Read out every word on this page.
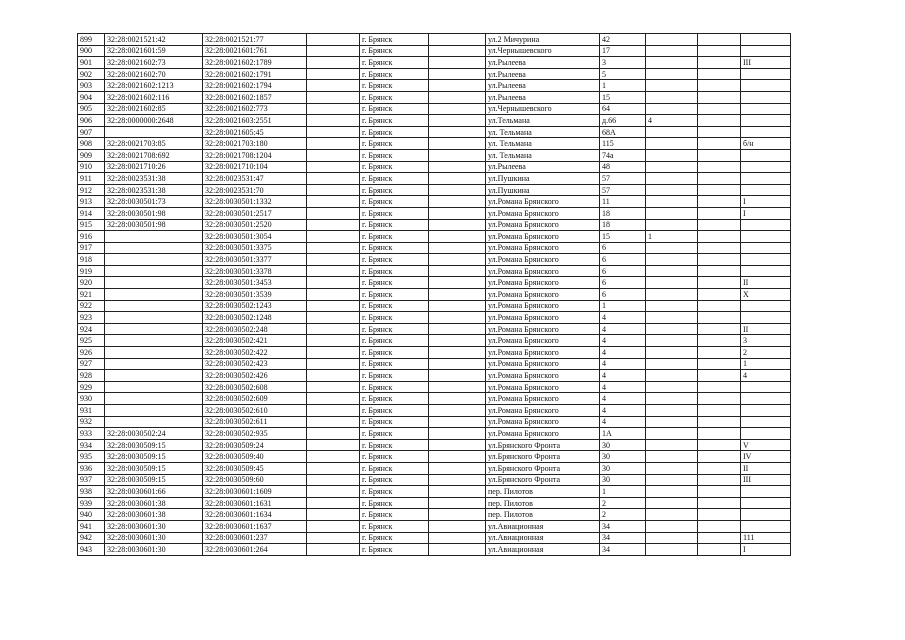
899	32:28:0021521:42	32:28:0021521:77		г. Брянск		ул.2 Мичурина	42			
900	32:28:0021601:59	32:28:0021601:761		г. Брянск		ул.Чернышевского	17			
901	32:28:0021602:73	32:28:0021602:1789		г. Брянск		ул.Рылеева	3			III
902	32:28:0021602:70	32:28:0021602:1791		г. Брянск		ул.Рылеева	5			
903	32:28:0021602:1213	32:28:0021602:1794		г. Брянск		ул.Рылеева	1			
904	32:28:0021602:116	32:28:0021602:1857		г. Брянск		ул.Рылеева	15			
905	32:28:0021602:85	32:28:0021602:773		г. Брянск		ул.Чернышевского	64			
906	32:28:0000000:2648	32:28:0021603:2551		г. Брянск		ул.Тельмана	д.66	4		
907		32:28:0021605:45		г. Брянск		ул. Тельмана	68А			
908	32:28:0021703:85	32:28:0021703:180		г. Брянск		ул. Тельмана	115			б/н
909	32:28:0021708:692	32:28:0021708:1204		г. Брянск		ул. Тельмана	74а			
910	32:28:0021710:26	32:28:0021710:104		г. Брянск		ул.Рылеева	48			
911	32:28:0023531:38	32:28:0023531:47		г. Брянск		ул.Пушкина	57			
912	32:28:0023531:38	32:28:0023531:70		г. Брянск		ул.Пушкина	57			
913	32:28:0030501:73	32:28:0030501:1332		г. Брянск		ул.Романа Брянского	11			I
914	32:28:0030501:98	32:28:0030501:2517		г. Брянск		ул.Романа Брянского	18			I
915	32:28:0030501:98	32:28:0030501:2520		г. Брянск		ул.Романа Брянского	18			
916		32:28:0030501:3054		г. Брянск		ул.Романа Брянского	15	1		
917		32:28:0030501:3375		г. Брянск		ул.Романа Брянского	6			
918		32:28:0030501:3377		г. Брянск		ул.Романа Брянского	6			
919		32:28:0030501:3378		г. Брянск		ул.Романа Брянского	6			
920		32:28:0030501:3453		г. Брянск		ул.Романа Брянского	6			II
921		32:28:0030501:3539		г. Брянск		ул.Романа Брянского	6			X
922		32:28:0030502:1243		г. Брянск		ул.Романа Брянского	1			
923		32:28:0030502:1248		г. Брянск		ул.Романа Брянского	4			
924		32:28:0030502:248		г. Брянск		ул.Романа Брянского	4			II
925		32:28:0030502:421		г. Брянск		ул.Романа Брянского	4			3
926		32:28:0030502:422		г. Брянск		ул.Романа Брянского	4			2
927		32:28:0030502:423		г. Брянск		ул.Романа Брянского	4			1
928		32:28:0030502:426		г. Брянск		ул.Романа Брянского	4			4
929		32:28:0030502:608		г. Брянск		ул.Романа Брянского	4			
930		32:28:0030502:609		г. Брянск		ул.Романа Брянского	4			
931		32:28:0030502:610		г. Брянск		ул.Романа Брянского	4			
932		32:28:0030502:611		г. Брянск		ул.Романа Брянского	4			
933	32:28:0030502:24	32:28:0030502:935		г. Брянск		ул.Романа Брянского	1А			
934	32:28:0030509:15	32:28:0030509:24		г. Брянск		ул.Брянского Фронта	30			V
935	32:28:0030509:15	32:28:0030509:40		г. Брянск		ул.Брянского Фронта	30			IV
936	32:28:0030509:15	32:28:0030509:45		г. Брянск		ул.Брянского Фронта	30			II
937	32:28:0030509:15	32:28:0030509:60		г. Брянск		ул.Брянского Фронта	30			III
938	32:28:0030601:66	32:28:0030601:1609		г. Брянск		пер. Пилотов	1			
939	32:28:0030601:38	32:28:0030601:1631		г. Брянск		пер. Пилотов	2			
940	32:28:0030601:38	32:28:0030601:1634		г. Брянск		пер. Пилотов	2			
941	32:28:0030601:30	32:28:0030601:1637		г. Брянск		ул.Авиационная	34			
942	32:28:0030601:30	32:28:0030601:237		г. Брянск		ул.Авиационная	34			111
943	32:28:0030601:30	32:28:0030601:264		г. Брянск		ул.Авиационная	34			I
